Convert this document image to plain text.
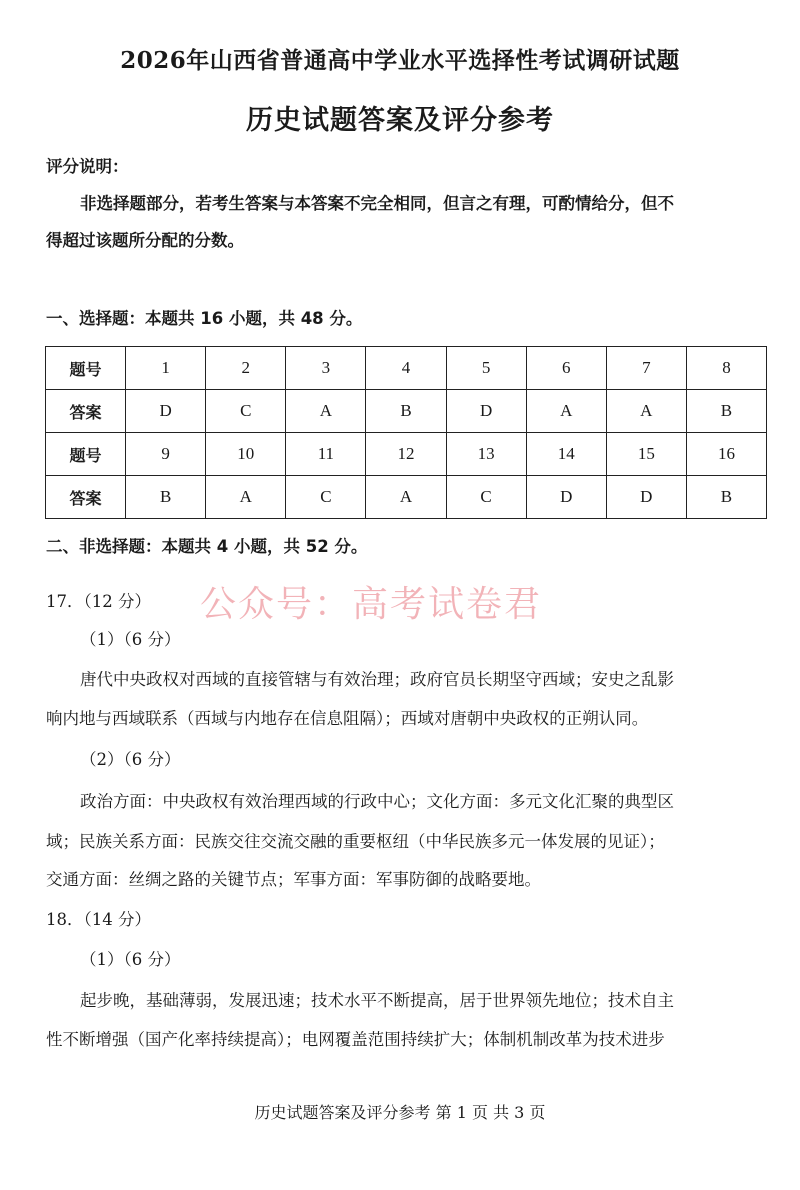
2026年山西省普通高中学业水平选择性考试调研试题
历史试题答案及评分参考
评分说明：
非选择题部分，若考生答案与本答案不完全相同，但言之有理，可酌情给分，但不
得超过该题所分配的分数。
一、选择题：本题共 16 小题，共 48 分。
题号	1	2	3	4	5	6	7	8
答案	D	C	A	B	D	A	A	B
题号	9	10	11	12	13	14	15	16
答案	B	A	C	A	C	D	D	B
二、非选择题：本题共 4 小题，共 52 分。
公众号：高考试卷君
17．（12 分）
（1）（6 分）
唐代中央政权对西域的直接管辖与有效治理；政府官员长期坚守西域；安史之乱影
响内地与西域联系（西域与内地存在信息阻隔）；西域对唐朝中央政权的正朔认同。
（2）（6 分）
政治方面：中央政权有效治理西域的行政中心；文化方面：多元文化汇聚的典型区
域；民族关系方面：民族交往交流交融的重要枢纽（中华民族多元一体发展的见证）；
交通方面：丝绸之路的关键节点；军事方面：军事防御的战略要地。
18．（14 分）
（1）（6 分）
起步晚，基础薄弱，发展迅速；技术水平不断提高，居于世界领先地位；技术自主
性不断增强（国产化率持续提高）；电网覆盖范围持续扩大；体制机制改革为技术进步
历史试题答案及评分参考 第 1 页 共 3 页
